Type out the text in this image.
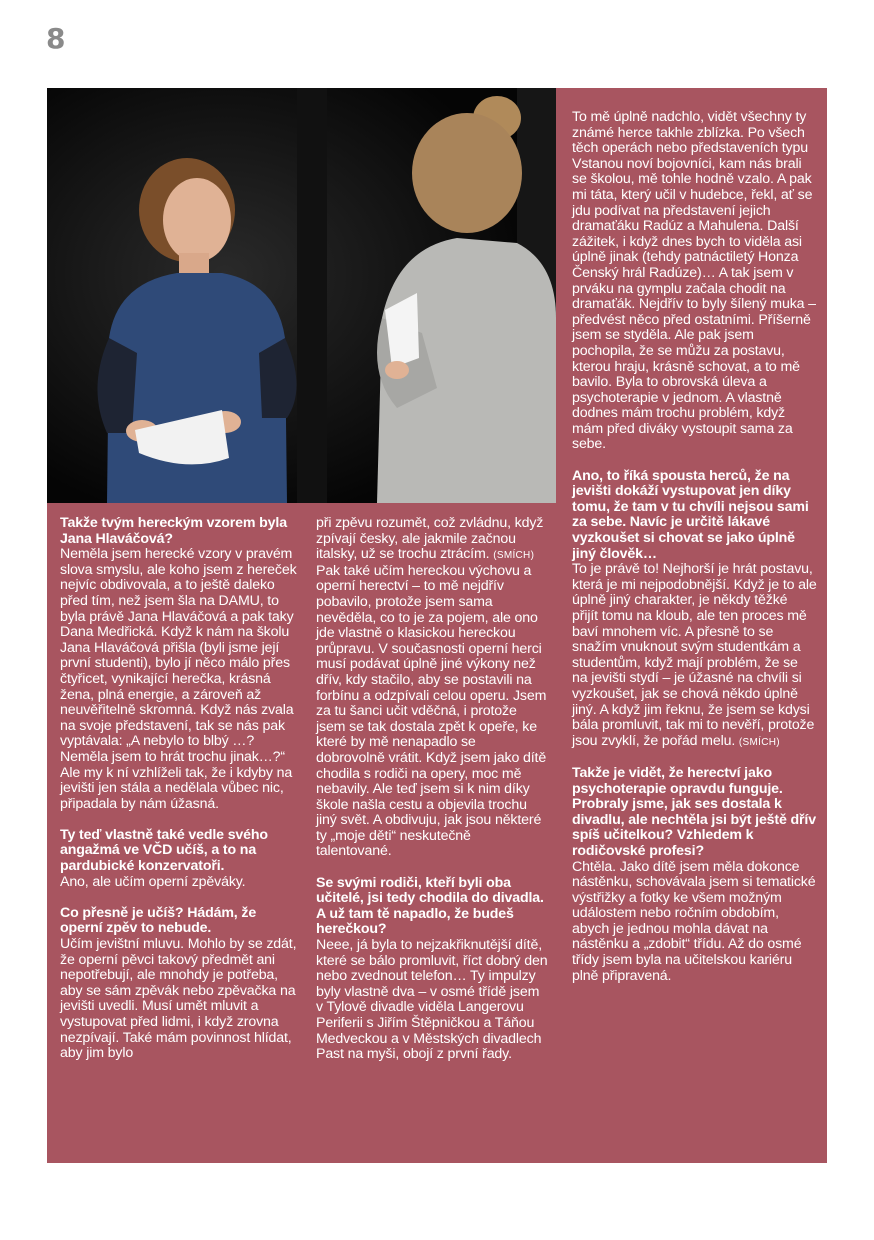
8

Takže tvým hereckým vzorem byla Jana Hlaváčová?

Neměla jsem herecké vzory v pravém slova smyslu, ale koho jsem z hereček nejvíc obdivovala, a to ještě daleko před tím, než jsem šla na DAMU, to byla právě Jana Hlaváčová a pak taky Dana Medřická. Když k nám na školu Jana Hlaváčová přišla (byli jsme její první studenti), bylo jí něco málo přes čtyřicet, vynikající herečka, krásná žena, plná energie, a zároveň až neuvěřitelně skromná. Když nás zvala na svoje představení, tak se nás pak vyptávala: „A nebylo to blbý …? Neměla jsem to hrát trochu jinak…?“ Ale my k ní vzhlíželi tak, že i kdyby na jevišti jen stála a nedělala vůbec nic, připadala by nám úžasná.

Ty teď vlastně také vedle svého angažmá ve VČD učíš, a to na pardubické konzervatoři.

Ano, ale učím operní zpěváky.

Co přesně je učíš? Hádám, že operní zpěv to nebude.

Učím jevištní mluvu. Mohlo by se zdát, že operní pěvci takový předmět ani nepotřebují, ale mnohdy je potřeba, aby se sám zpěvák nebo zpěvačka na jevišti uvedli. Musí umět mluvit a vystupovat před lidmi, i když zrovna nezpívají. Také mám povinnost hlídat, aby jim bylo

při zpěvu rozumět, což zvládnu, když zpívají česky, ale jakmile začnou italsky, už se trochu ztrácím. (SMÍCH) Pak také učím hereckou výchovu a operní herectví – to mě nejdřív pobavilo, protože jsem sama nevěděla, co to je za pojem, ale ono jde vlastně o klasickou hereckou průpravu. V současnosti operní herci musí podávat úplně jiné výkony než dřív, kdy stačilo, aby se postavili na forbínu a odzpívali celou operu. Jsem za tu šanci učit vděčná, i protože jsem se tak dostala zpět k opeře, ke které by mě nenapadlo se dobrovolně vrátit. Když jsem jako dítě chodila s rodiči na opery, moc mě nebavily. Ale teď jsem si k nim díky škole našla cestu a objevila trochu jiný svět. A obdivuju, jak jsou některé ty „moje děti“ neskutečně talentované.

Se svými rodiči, kteří byli oba učitelé, jsi tedy chodila do divadla. A už tam tě napadlo, že budeš herečkou?

Neee, já byla to nejzakřiknutější dítě, které se bálo promluvit, říct dobrý den nebo zvednout telefon… Ty impulzy byly vlastně dva – v osmé třídě jsem v Tylově divadle viděla Langerovu Periferii s Jiřím Štěpničkou a Táňou Medveckou a v Městských divadlech Past na myši, obojí z první řady.

To mě úplně nadchlo, vidět všechny ty známé herce takhle zblízka. Po všech těch operách nebo představeních typu Vstanou noví bojovníci, kam nás brali se školou, mě tohle hodně vzalo. A pak mi táta, který učil v hudebce, řekl, ať se jdu podívat na představení jejich dramaťáku Radúz a Mahulena. Další zážitek, i když dnes bych to viděla asi úplně jinak (tehdy patnáctiletý Honza Čenský hrál Radúze)… A tak jsem v prváku na gymplu začala chodit na dramaťák. Nejdřív to byly šílený muka – předvést něco před ostatními. Příšerně jsem se styděla. Ale pak jsem pochopila, že se můžu za postavu, kterou hraju, krásně schovat, a to mě bavilo. Byla to obrovská úleva a psychoterapie v jednom. A vlastně dodnes mám trochu problém, když mám před diváky vystoupit sama za sebe.

Ano, to říká spousta herců, že na jevišti dokáží vystupovat jen díky tomu, že tam v tu chvíli nejsou sami za sebe. Navíc je určitě lákavé vyzkoušet si chovat se jako úplně jiný člověk…

To je právě to! Nejhorší je hrát postavu, která je mi nejpodobnější. Když je to ale úplně jiný charakter, je někdy těžké přijít tomu na kloub, ale ten proces mě baví mnohem víc. A přesně to se snažím vnuknout svým studentkám a studentům, když mají problém, že se na jevišti stydí – je úžasné na chvíli si vyzkoušet, jak se chová někdo úplně jiný. A když jim řeknu, že jsem se kdysi bála promluvit, tak mi to nevěří, protože jsou zvyklí, že pořád melu. (SMÍCH)

Takže je vidět, že herectví jako psychoterapie opravdu funguje. Probraly jsme, jak ses dostala k divadlu, ale nechtěla jsi být ještě dřív spíš učitelkou? Vzhledem k rodičovské profesi?

Chtěla. Jako dítě jsem měla dokonce nástěnku, schovávala jsem si tematické výstřižky a fotky ke všem možným událostem nebo ročním obdobím, abych je jednou mohla dávat na nástěnku a „zdobit“ třídu. Až do osmé třídy jsem byla na učitelskou kariéru plně připravená.
